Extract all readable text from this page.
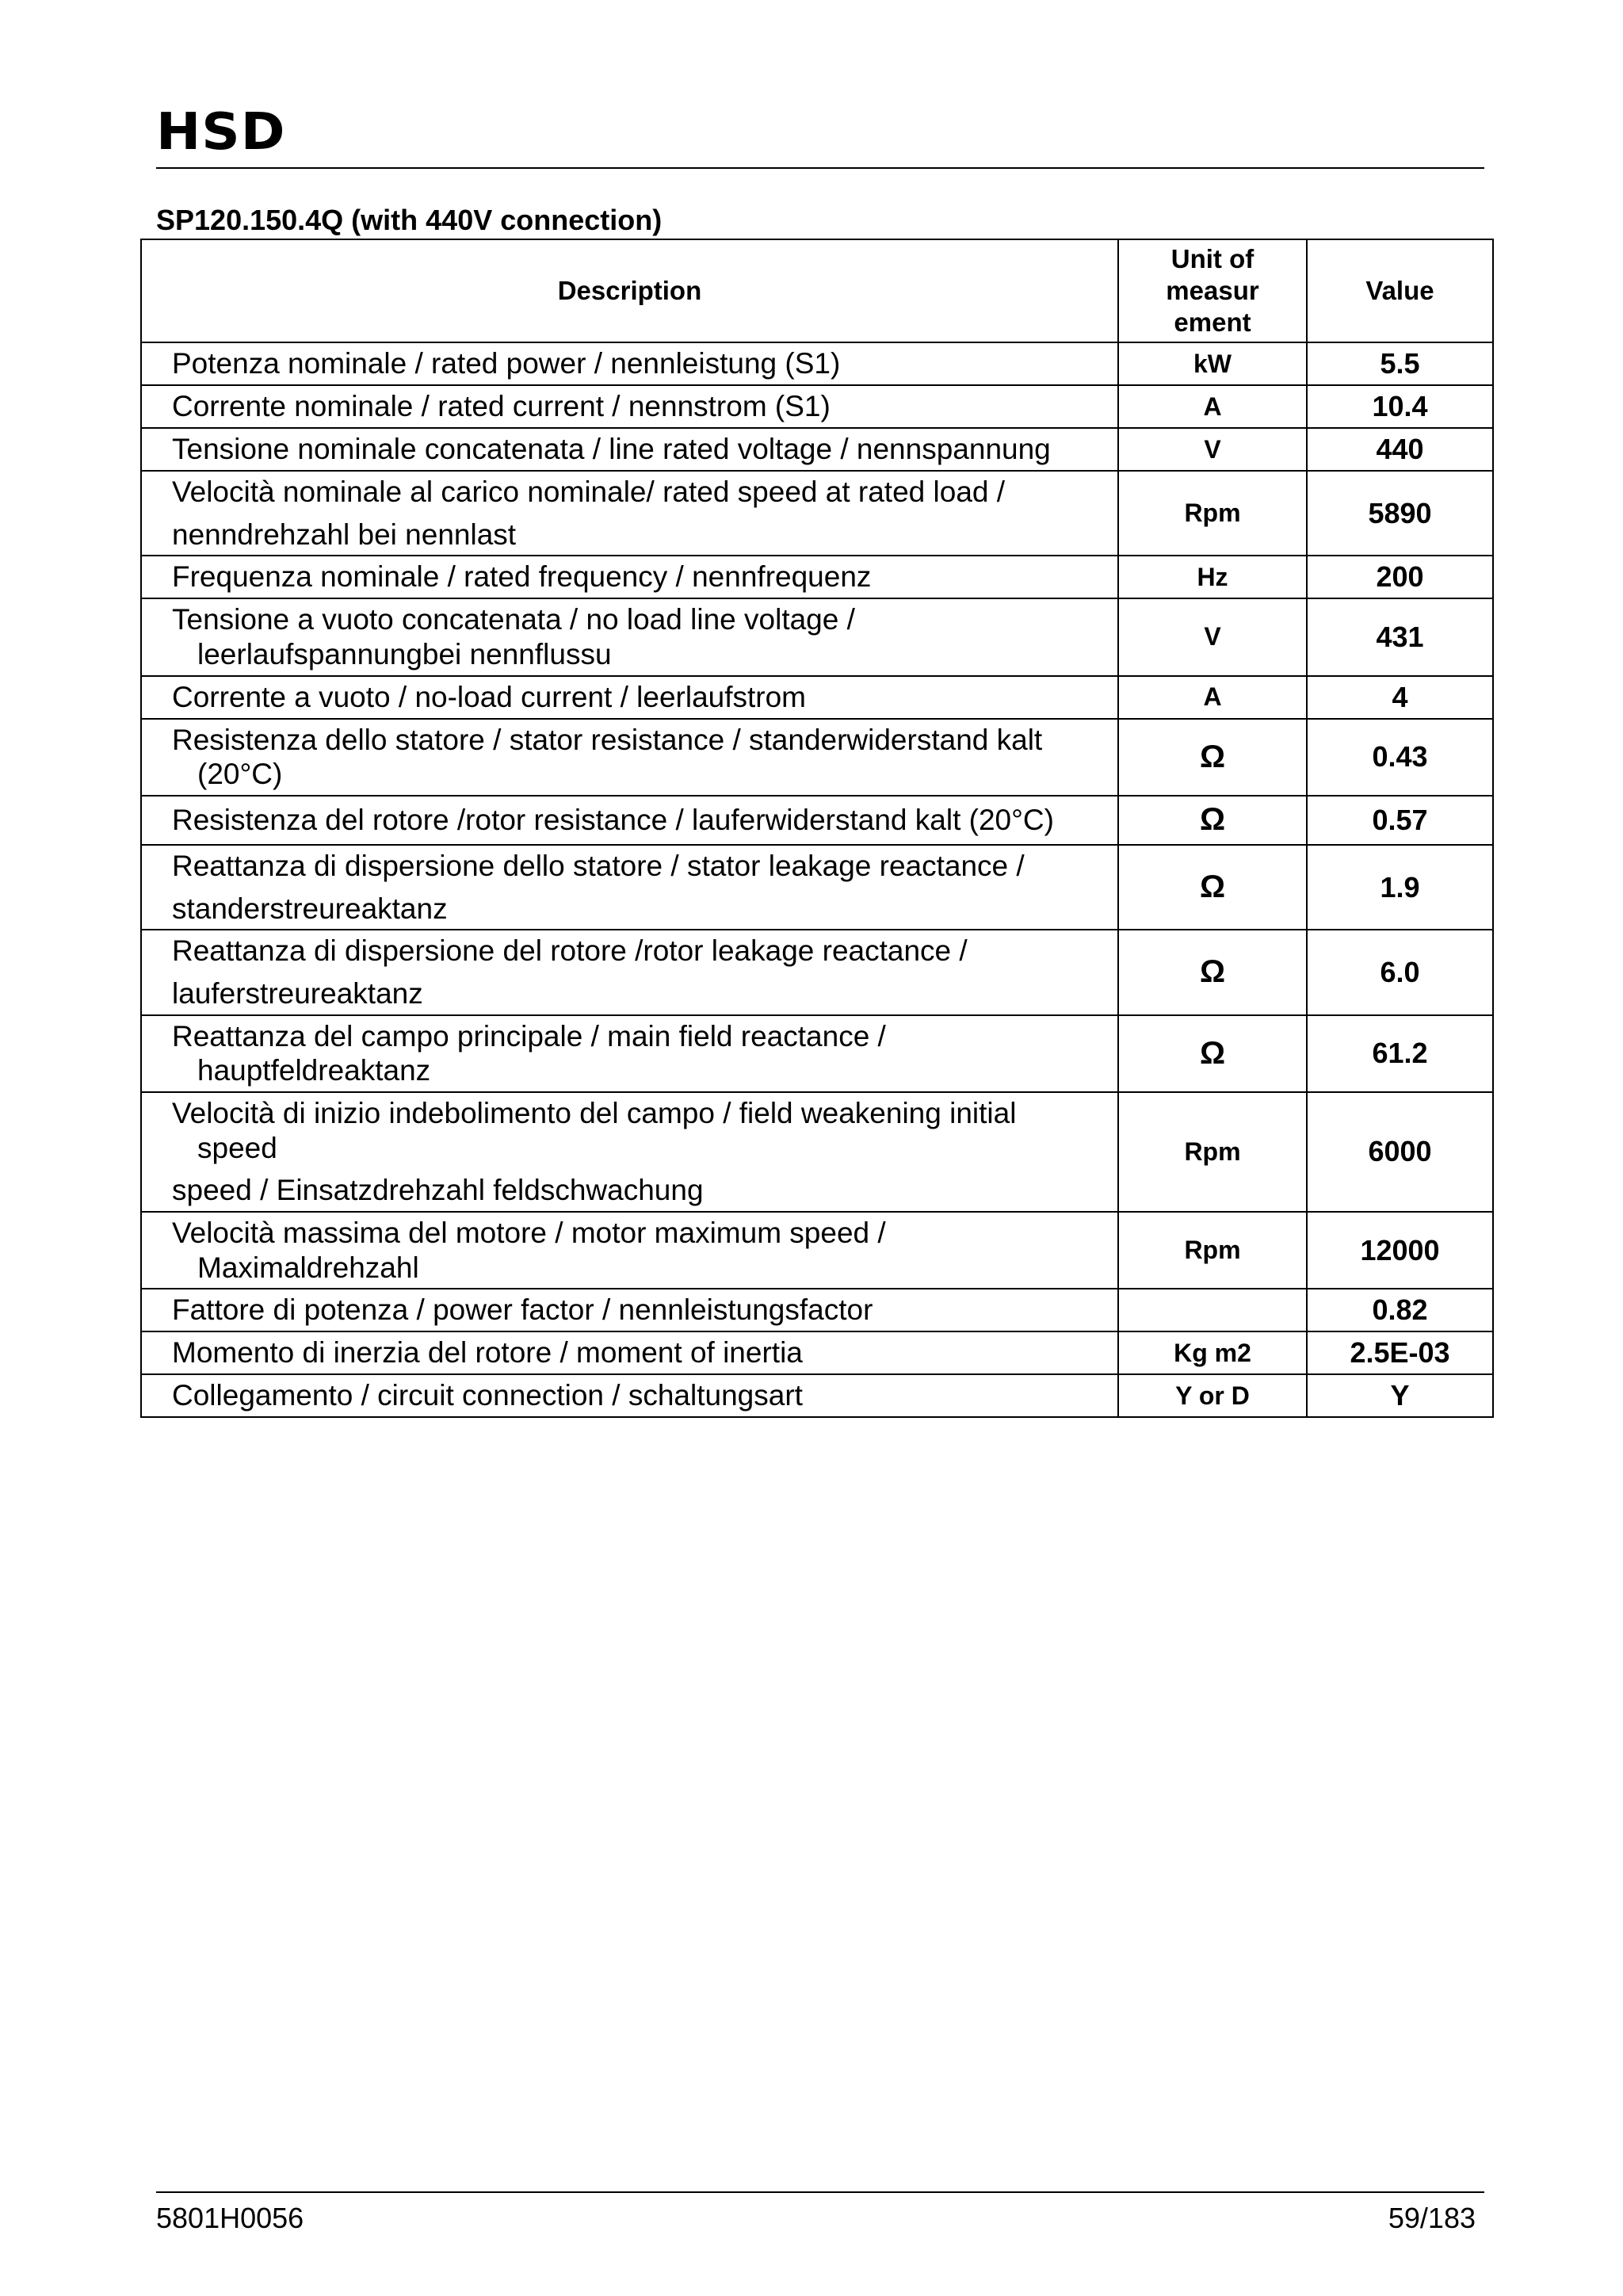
HSD
SP120.150.4Q (with 440V connection)
Description	Unit of
measur
ement	Value

Potenza nominale / rated power / nennleistung (S1)	kW	5.5

Corrente nominale / rated current / nennstrom (S1)	A	10.4

Tensione nominale concatenata / line rated voltage / nennspannung	V	440

Velocità nominale al carico nominale/ rated speed at rated load /
nenndrehzahl bei nennlast	Rpm	5890

Frequenza nominale / rated frequency / nennfrequenz	Hz	200

Tensione a vuoto concatenata / no load line voltage /
leerlaufspannungbei nennflussu	V	431

Corrente a vuoto / no-load current / leerlaufstrom	A	4

Resistenza dello statore / stator resistance / standerwiderstand kalt
(20°C)	Ω	0.43

Resistenza del rotore /rotor resistance / lauferwiderstand kalt (20°C)	Ω	0.57

Reattanza di dispersione dello statore / stator leakage reactance /
standerstreureaktanz	Ω	1.9

Reattanza di dispersione del rotore /rotor leakage reactance /
lauferstreureaktanz	Ω	6.0

Reattanza del campo principale / main field reactance /
hauptfeldreaktanz	Ω	61.2

Velocità di inizio indebolimento del campo / field weakening initial
speed
speed / Einsatzdrehzahl feldschwachung	Rpm	6000

Velocità massima del motore / motor maximum speed /
Maximaldrehzahl	Rpm	12000

Fattore di potenza / power factor / nennleistungsfactor		0.82

Momento di inerzia del rotore / moment of inertia	Kg m2	2.5E-03

Collegamento / circuit connection / schaltungsart	Y or D	Y
5801H0056	59/183
